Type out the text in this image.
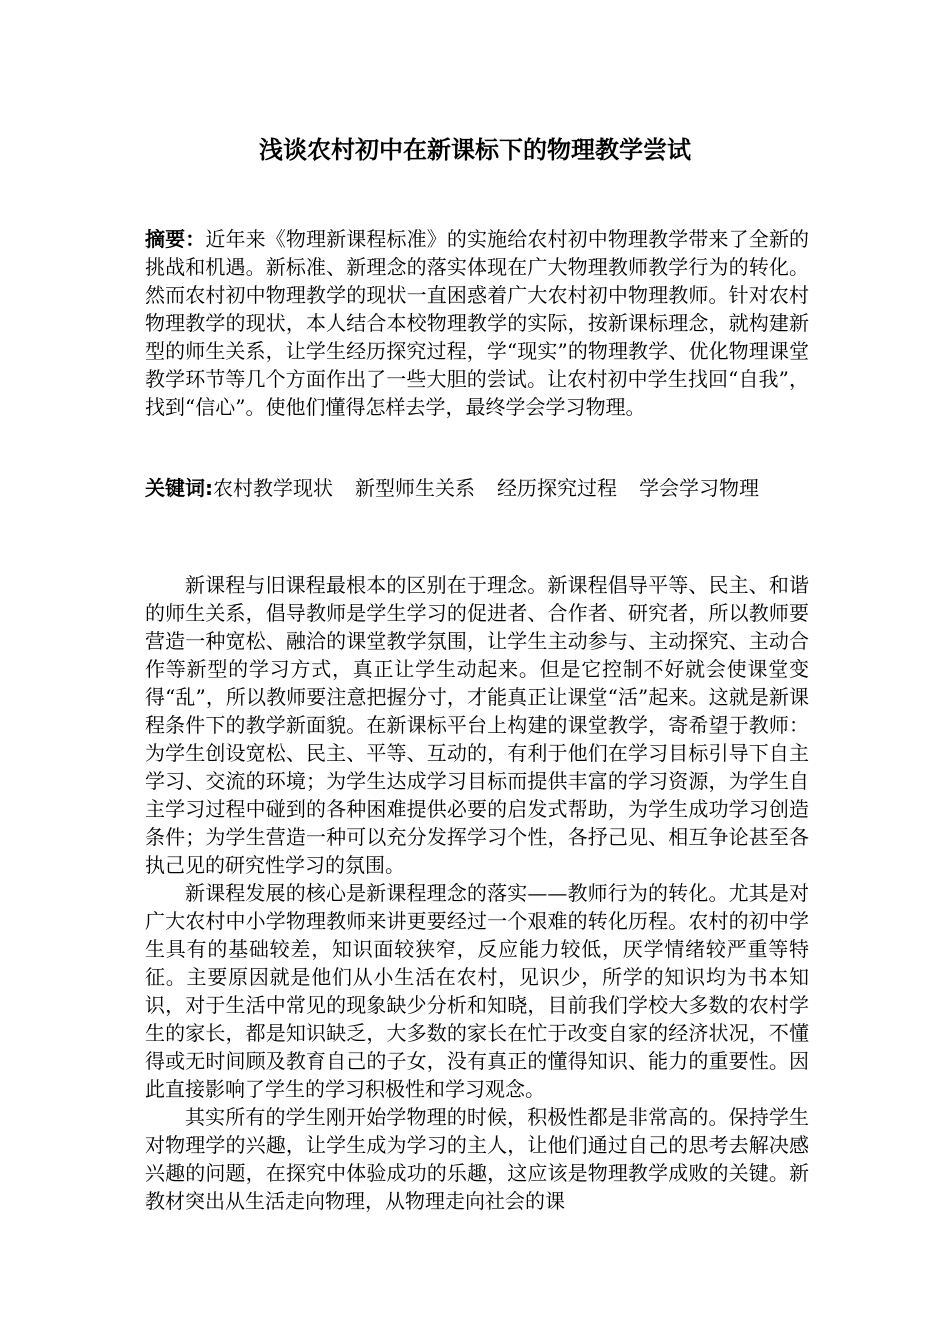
浅谈农村初中在新课标下的物理教学尝试
摘要：近年来《物理新课程标准》的实施给农村初中物理教学带来了全新的挑战和机遇。新标准、新理念的落实体现在广大物理教师教学行为的转化。然而农村初中物理教学的现状一直困惑着广大农村初中物理教师。针对农村物理教学的现状，本人结合本校物理教学的实际，按新课标理念，就构建新型的师生关系，让学生经历探究过程，学“现实”的物理教学、优化物理课堂教学环节等几个方面作出了一些大胆的尝试。让农村初中学生找回“自我”，找到“信心”。使他们懂得怎样去学，最终学会学习物理。
关键词:农村教学现状 新型师生关系 经历探究过程 学会学习物理

新课程与旧课程最根本的区别在于理念。新课程倡导平等、民主、和谐的师生关系，倡导教师是学生学习的促进者、合作者、研究者，所以教师要营造一种宽松、融洽的课堂教学氛围，让学生主动参与、主动探究、主动合作等新型的学习方式，真正让学生动起来。但是它控制不好就会使课堂变得“乱”，所以教师要注意把握分寸，才能真正让课堂“活”起来。这就是新课程条件下的教学新面貌。在新课标平台上构建的课堂教学，寄希望于教师：为学生创设宽松、民主、平等、互动的，有利于他们在学习目标引导下自主学习、交流的环境；为学生达成学习目标而提供丰富的学习资源，为学生自主学习过程中碰到的各种困难提供必要的启发式帮助，为学生成功学习创造条件；为学生营造一种可以充分发挥学习个性，各抒己见、相互争论甚至各执己见的研究性学习的氛围。

新课程发展的核心是新课程理念的落实——教师行为的转化。尤其是对广大农村中小学物理教师来讲更要经过一个艰难的转化历程。农村的初中学生具有的基础较差，知识面较狭窄，反应能力较低，厌学情绪较严重等特征。主要原因就是他们从小生活在农村，见识少，所学的知识均为书本知识，对于生活中常见的现象缺少分析和知晓，目前我们学校大多数的农村学生的家长，都是知识缺乏，大多数的家长在忙于改变自家的经济状况，不懂得或无时间顾及教育自己的子女，没有真正的懂得知识、能力的重要性。因此直接影响了学生的学习积极性和学习观念。

其实所有的学生刚开始学物理的时候，积极性都是非常高的。保持学生对物理学的兴趣，让学生成为学习的主人，让他们通过自己的思考去解决感兴趣的问题，在探究中体验成功的乐趣，这应该是物理教学成败的关键。新教材突出从生活走向物理，从物理走向社会的课
